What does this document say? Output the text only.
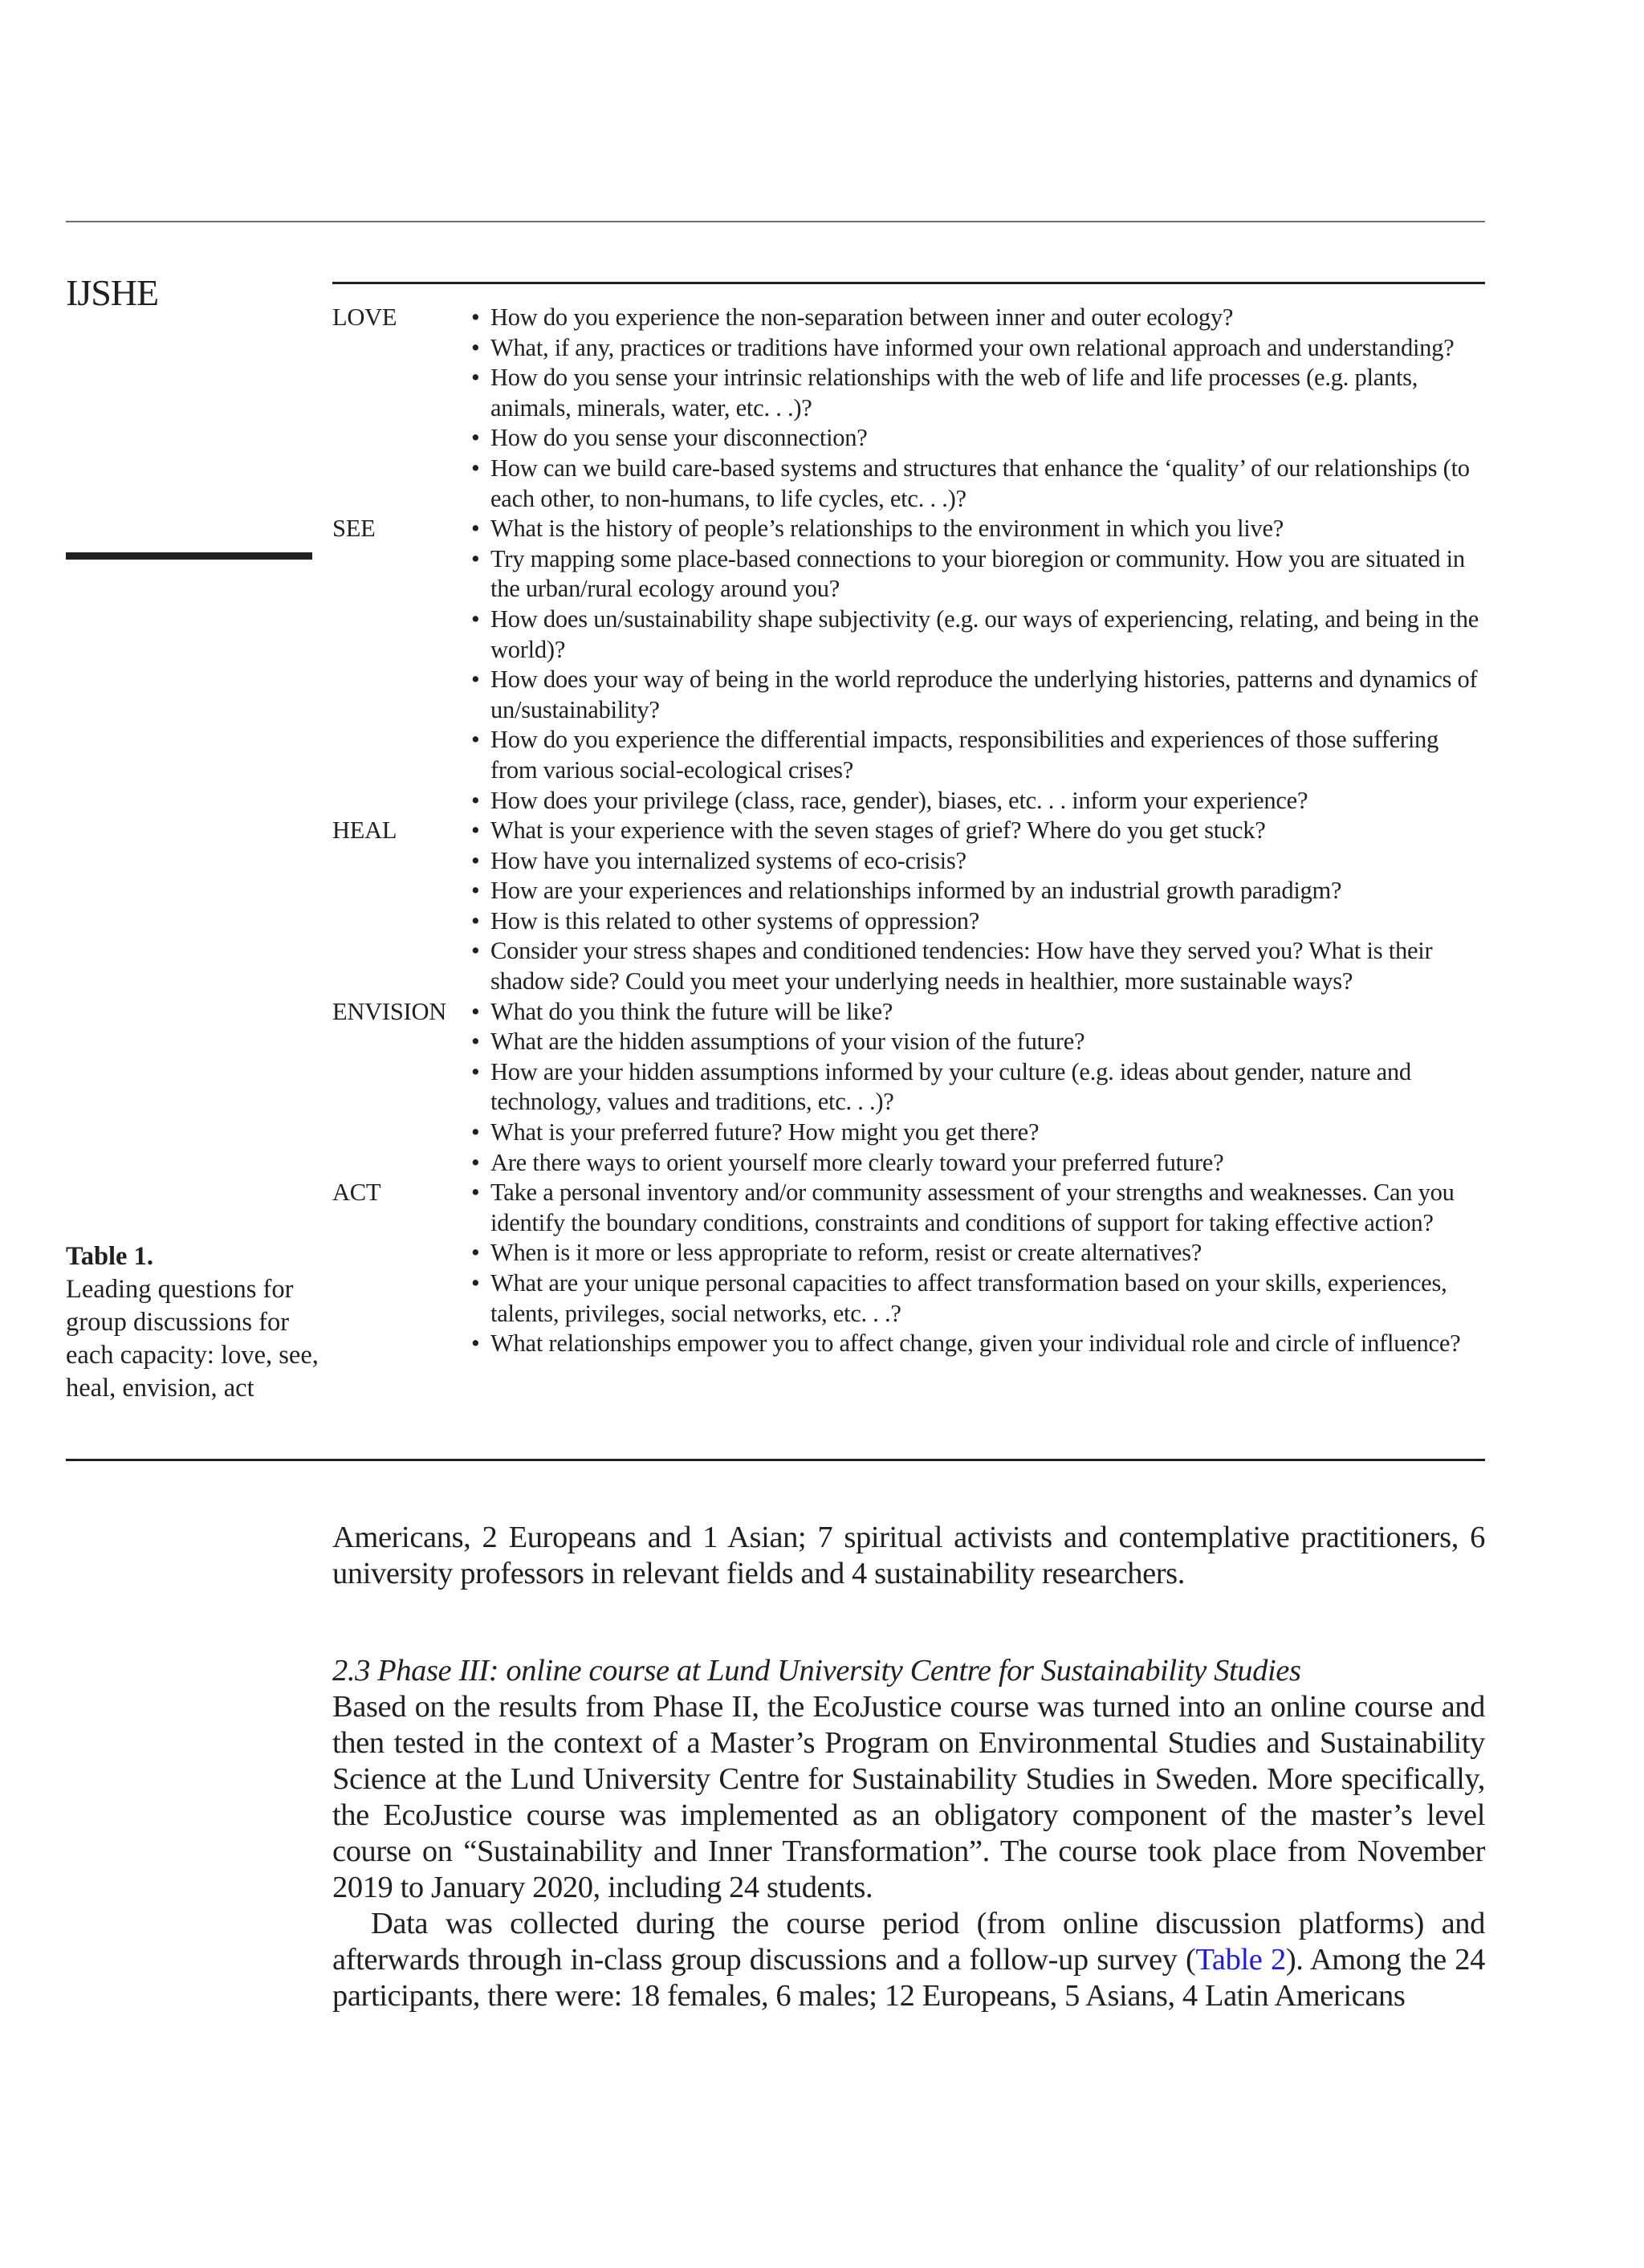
IJSHE
Table 1.
Leading questions for group discussions for each capacity: love, see, heal, envision, act
LOVE	• How do you experience the non-separation between inner and outer ecology?
• What, if any, practices or traditions have informed your own relational approach and understanding?
• How do you sense your intrinsic relationships with the web of life and life processes (e.g. plants, animals, minerals, water, etc. . .)?
• How do you sense your disconnection?
• How can we build care-based systems and structures that enhance the ‘quality’ of our relationships (to each other, to non-humans, to life cycles, etc. . .)?
SEE	• What is the history of people’s relationships to the environment in which you live?
• Try mapping some place-based connections to your bioregion or community. How you are situated in the urban/rural ecology around you?
• How does un/sustainability shape subjectivity (e.g. our ways of experiencing, relating, and being in the world)?
• How does your way of being in the world reproduce the underlying histories, patterns and dynamics of un/sustainability?
• How do you experience the differential impacts, responsibilities and experiences of those suffering from various social-ecological crises?
• How does your privilege (class, race, gender), biases, etc. . . inform your experience?
HEAL	• What is your experience with the seven stages of grief? Where do you get stuck?
• How have you internalized systems of eco-crisis?
• How are your experiences and relationships informed by an industrial growth paradigm?
• How is this related to other systems of oppression?
• Consider your stress shapes and conditioned tendencies: How have they served you? What is their shadow side? Could you meet your underlying needs in healthier, more sustainable ways?
ENVISION	• What do you think the future will be like?
• What are the hidden assumptions of your vision of the future?
• How are your hidden assumptions informed by your culture (e.g. ideas about gender, nature and technology, values and traditions, etc. . .)?
• What is your preferred future? How might you get there?
• Are there ways to orient yourself more clearly toward your preferred future?
ACT	• Take a personal inventory and/or community assessment of your strengths and weaknesses. Can you identify the boundary conditions, constraints and conditions of support for taking effective action?
• When is it more or less appropriate to reform, resist or create alternatives?
• What are your unique personal capacities to affect transformation based on your skills, experiences, talents, privileges, social networks, etc. . .?
• What relationships empower you to affect change, given your individual role and circle of influence?

Americans, 2 Europeans and 1 Asian; 7 spiritual activists and contemplative practitioners, 6 university professors in relevant fields and 4 sustainability researchers.

2.3 Phase III: online course at Lund University Centre for Sustainability Studies

Based on the results from Phase II, the EcoJustice course was turned into an online course and then tested in the context of a Master’s Program on Environmental Studies and Sustainability Science at the Lund University Centre for Sustainability Studies in Sweden. More specifically, the EcoJustice course was implemented as an obligatory component of the master’s level course on “Sustainability and Inner Transformation”. The course took place from November 2019 to January 2020, including 24 students.

Data was collected during the course period (from online discussion platforms) and afterwards through in-class group discussions and a follow-up survey (Table 2). Among the 24 participants, there were: 18 females, 6 males; 12 Europeans, 5 Asians, 4 Latin Americans
